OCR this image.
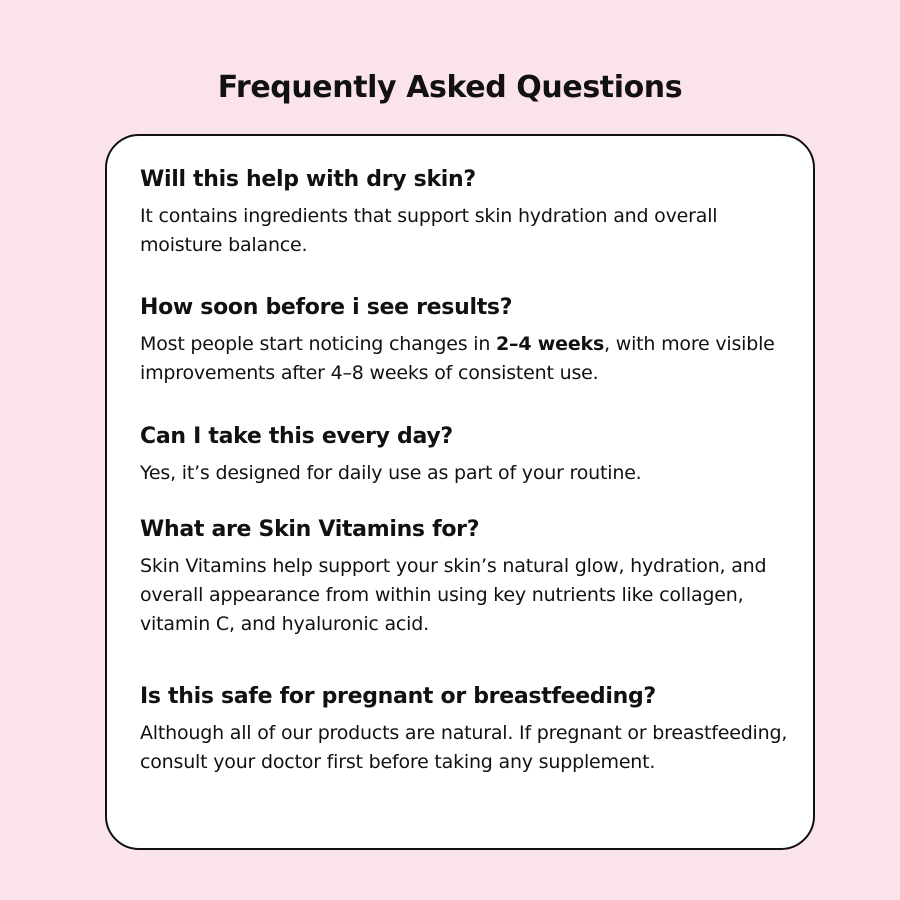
Frequently Asked Questions

Will this help with dry skin?

It contains ingredients that support skin hydration and overall moisture balance.

How soon before i see results?

Most people start noticing changes in 2–4 weeks, with more visible improvements after 4–8 weeks of consistent use.

Can I take this every day?

Yes, it’s designed for daily use as part of your routine.

What are Skin Vitamins for?

Skin Vitamins help support your skin’s natural glow, hydration, and overall appearance from within using key nutrients like collagen, vitamin C, and hyaluronic acid.

Is this safe for pregnant or breastfeeding?

Although all of our products are natural. If pregnant or breastfeeding, consult your doctor first before taking any supplement.
